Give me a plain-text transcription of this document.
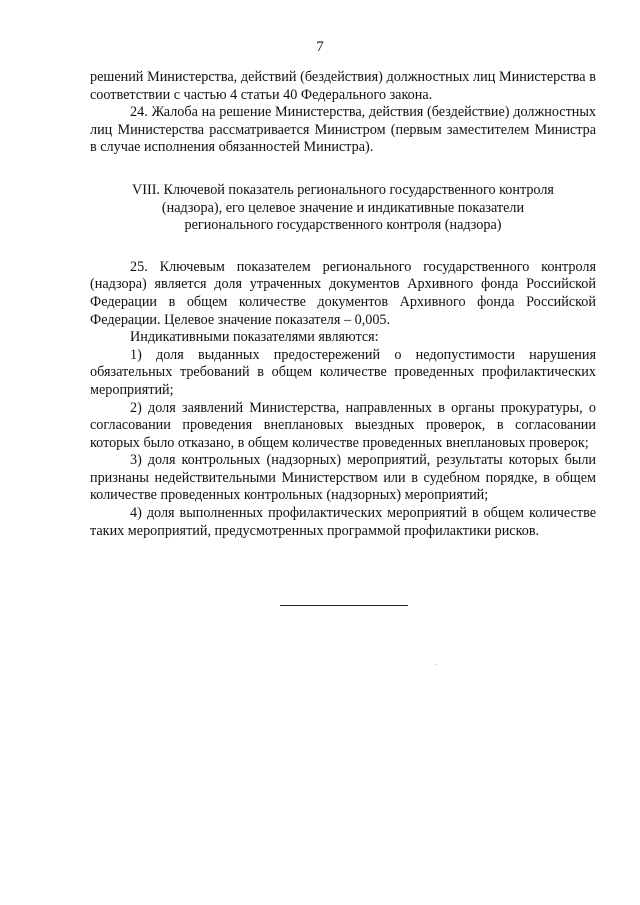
7

решений Министерства, действий (бездействия) должностных лиц Министерства в соответствии с частью 4 статьи 40 Федерального закона.

24. Жалоба на решение Министерства, действия (бездействие) должностных лиц Министерства рассматривается Министром (первым заместителем Министра в случае исполнения обязанностей Министра).

VIII. Ключевой показатель регионального государственного контроля

(надзора), его целевое значение и индикативные показатели

регионального государственного контроля (надзора)

25. Ключевым показателем регионального государственного контроля (надзора) является доля утраченных документов Архивного фонда Российской Федерации в общем количестве документов Архивного фонда Российской Федерации. Целевое значение показателя – 0,005.

Индикативными показателями являются:

1) доля выданных предостережений о недопустимости нарушения обязательных требований в общем количестве проведенных профилактических мероприятий;

2) доля заявлений Министерства, направленных в органы прокуратуры, о согласовании проведения внеплановых выездных проверок, в согласовании которых было отказано, в общем количестве проведенных внеплановых проверок;

3) доля контрольных (надзорных) мероприятий, результаты которых были признаны недействительными Министерством или в судебном порядке, в общем количестве проведенных контрольных (надзорных) мероприятий;

4) доля выполненных профилактических мероприятий в общем количестве таких мероприятий, предусмотренных программой профилактики рисков.
